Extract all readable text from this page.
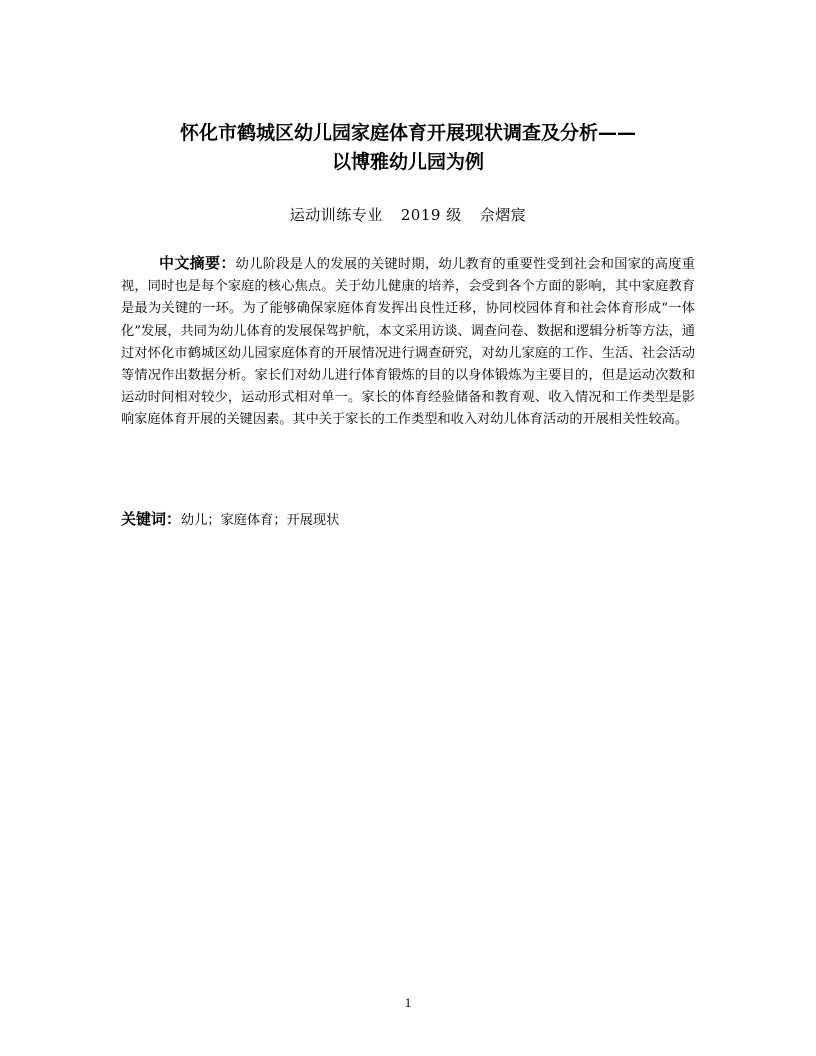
怀化市鹤城区幼儿园家庭体育开展现状调查及分析——
以博雅幼儿园为例
运动训练专业 2019 级 佘熠宸

中文摘要：幼儿阶段是人的发展的关键时期，幼儿教育的重要性受到社会和国家的高度重视，同时也是每个家庭的核心焦点。关于幼儿健康的培养，会受到各个方面的影响，其中家庭教育是最为关键的一环。为了能够确保家庭体育发挥出良性迁移，协同校园体育和社会体育形成“一体化”发展，共同为幼儿体育的发展保驾护航，本文采用访谈、调查问卷、数据和逻辑分析等方法，通过对怀化市鹤城区幼儿园家庭体育的开展情况进行调查研究，对幼儿家庭的工作、生活、社会活动等情况作出数据分析。家长们对幼儿进行体育锻炼的目的以身体锻炼为主要目的，但是运动次数和运动时间相对较少，运动形式相对单一。家长的体育经验储备和教育观、收入情况和工作类型是影响家庭体育开展的关键因素。其中关于家长的工作类型和收入对幼儿体育活动的开展相关性较高。

关键词：幼儿；家庭体育；开展现状

1
